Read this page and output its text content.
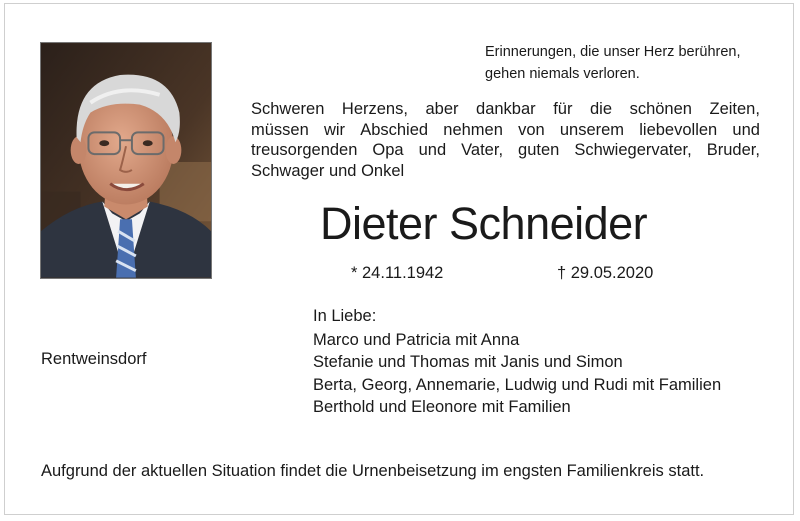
Erinnerungen, die unser Herz berühren,
gehen niemals verloren.
Schweren Herzens, aber dankbar für die schönen Zeiten,
müssen wir Abschied nehmen von unserem liebevollen und
treusorgenden Opa und Vater, guten Schwiegervater, Bruder,
Schwager und Onkel
Dieter Schneider
* 24.11.1942	† 29.05.2020
In Liebe:
Marco und Patricia mit Anna
Stefanie und Thomas mit Janis und Simon
Berta, Georg, Annemarie, Ludwig und Rudi mit Familien
Berthold und Eleonore mit Familien
Rentweinsdorf
Aufgrund der aktuellen Situation findet die Urnenbeisetzung im engsten Familienkreis statt.
